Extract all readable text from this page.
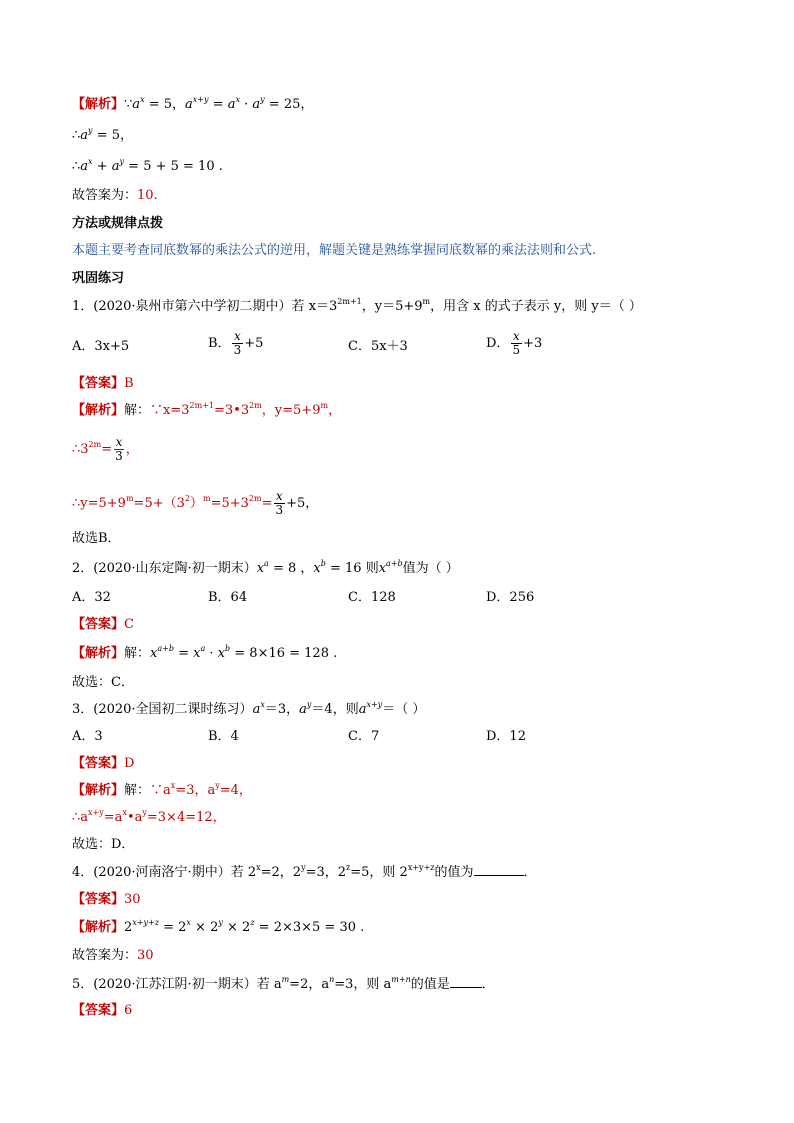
【解析】$\because a^x = 5$，$a^{x+y} = a^x \cdot a^y = 25$，
$\therefore a^y = 5$，
$\therefore a^x + a^y = 5 + 5 = 10$ .
故答案为：10.
方法或规律点拨
本题主要考查同底数幂的乘法公式的逆用，解题关键是熟练掌握同底数幂的乘法法则和公式.
巩固练习
1．(2020·泉州市第六中学初二期中）若 $x=3^{2m+1}$，$y=5+9^m$，用含 x 的式子表示 y，则 y＝（ ）
A．3x+5	B． $\frac{x}{3} +5$	C．5x＋3	D． $\frac{x}{5} +3$
【答案】B
【解析】解：$\because x=3^{2m+1}=3•3^{2m}$，$y=5+9^m$，
$\therefore 3^{2m}= \frac{x}{3}$ ，
$\therefore y=5+9^m=5+(3^2)^m=5+3^{2m}= \frac{x}{3} +5$，
故选B．
2．(2020·山东定陶·初一期末）$x^a = 8$ ，$x^b = 16$ 则$x^{a+b}$值为（ ）
A．32	B．64	C．128	D．256
【答案】C
【解析】解：$x^{a+b} = x^a \cdot x^b = 8\times 16 = 128$ .
故选：C．
3．(2020·全国初二课时练习）$a^x=3$，$a^y=4$，则$a^{x+y}=$（ ）
A．3	B．4	C．7	D．12
【答案】D
【解析】解：$\because a^x=3$，$a^y=4$，
$\therefore a^{x+y}=a^x•a^y=3\times 4=12$，
故选：D．
4．(2020·河南洛宁·期中）若 $2^x=2$，$2^y=3$，$2^z=5$，则 $2^{x+y+z}$的值为	．
【答案】30
【解析】$2^{x+y+z} = 2^x \times 2^y \times 2^z = 2\times 3\times 5 = 30$ .
故答案为：30
5．(2020·江苏江阴·初一期末）若 $a^m=2$，$a^n=3$，则 $a^{m+n}$的值是 ．
【答案】6
